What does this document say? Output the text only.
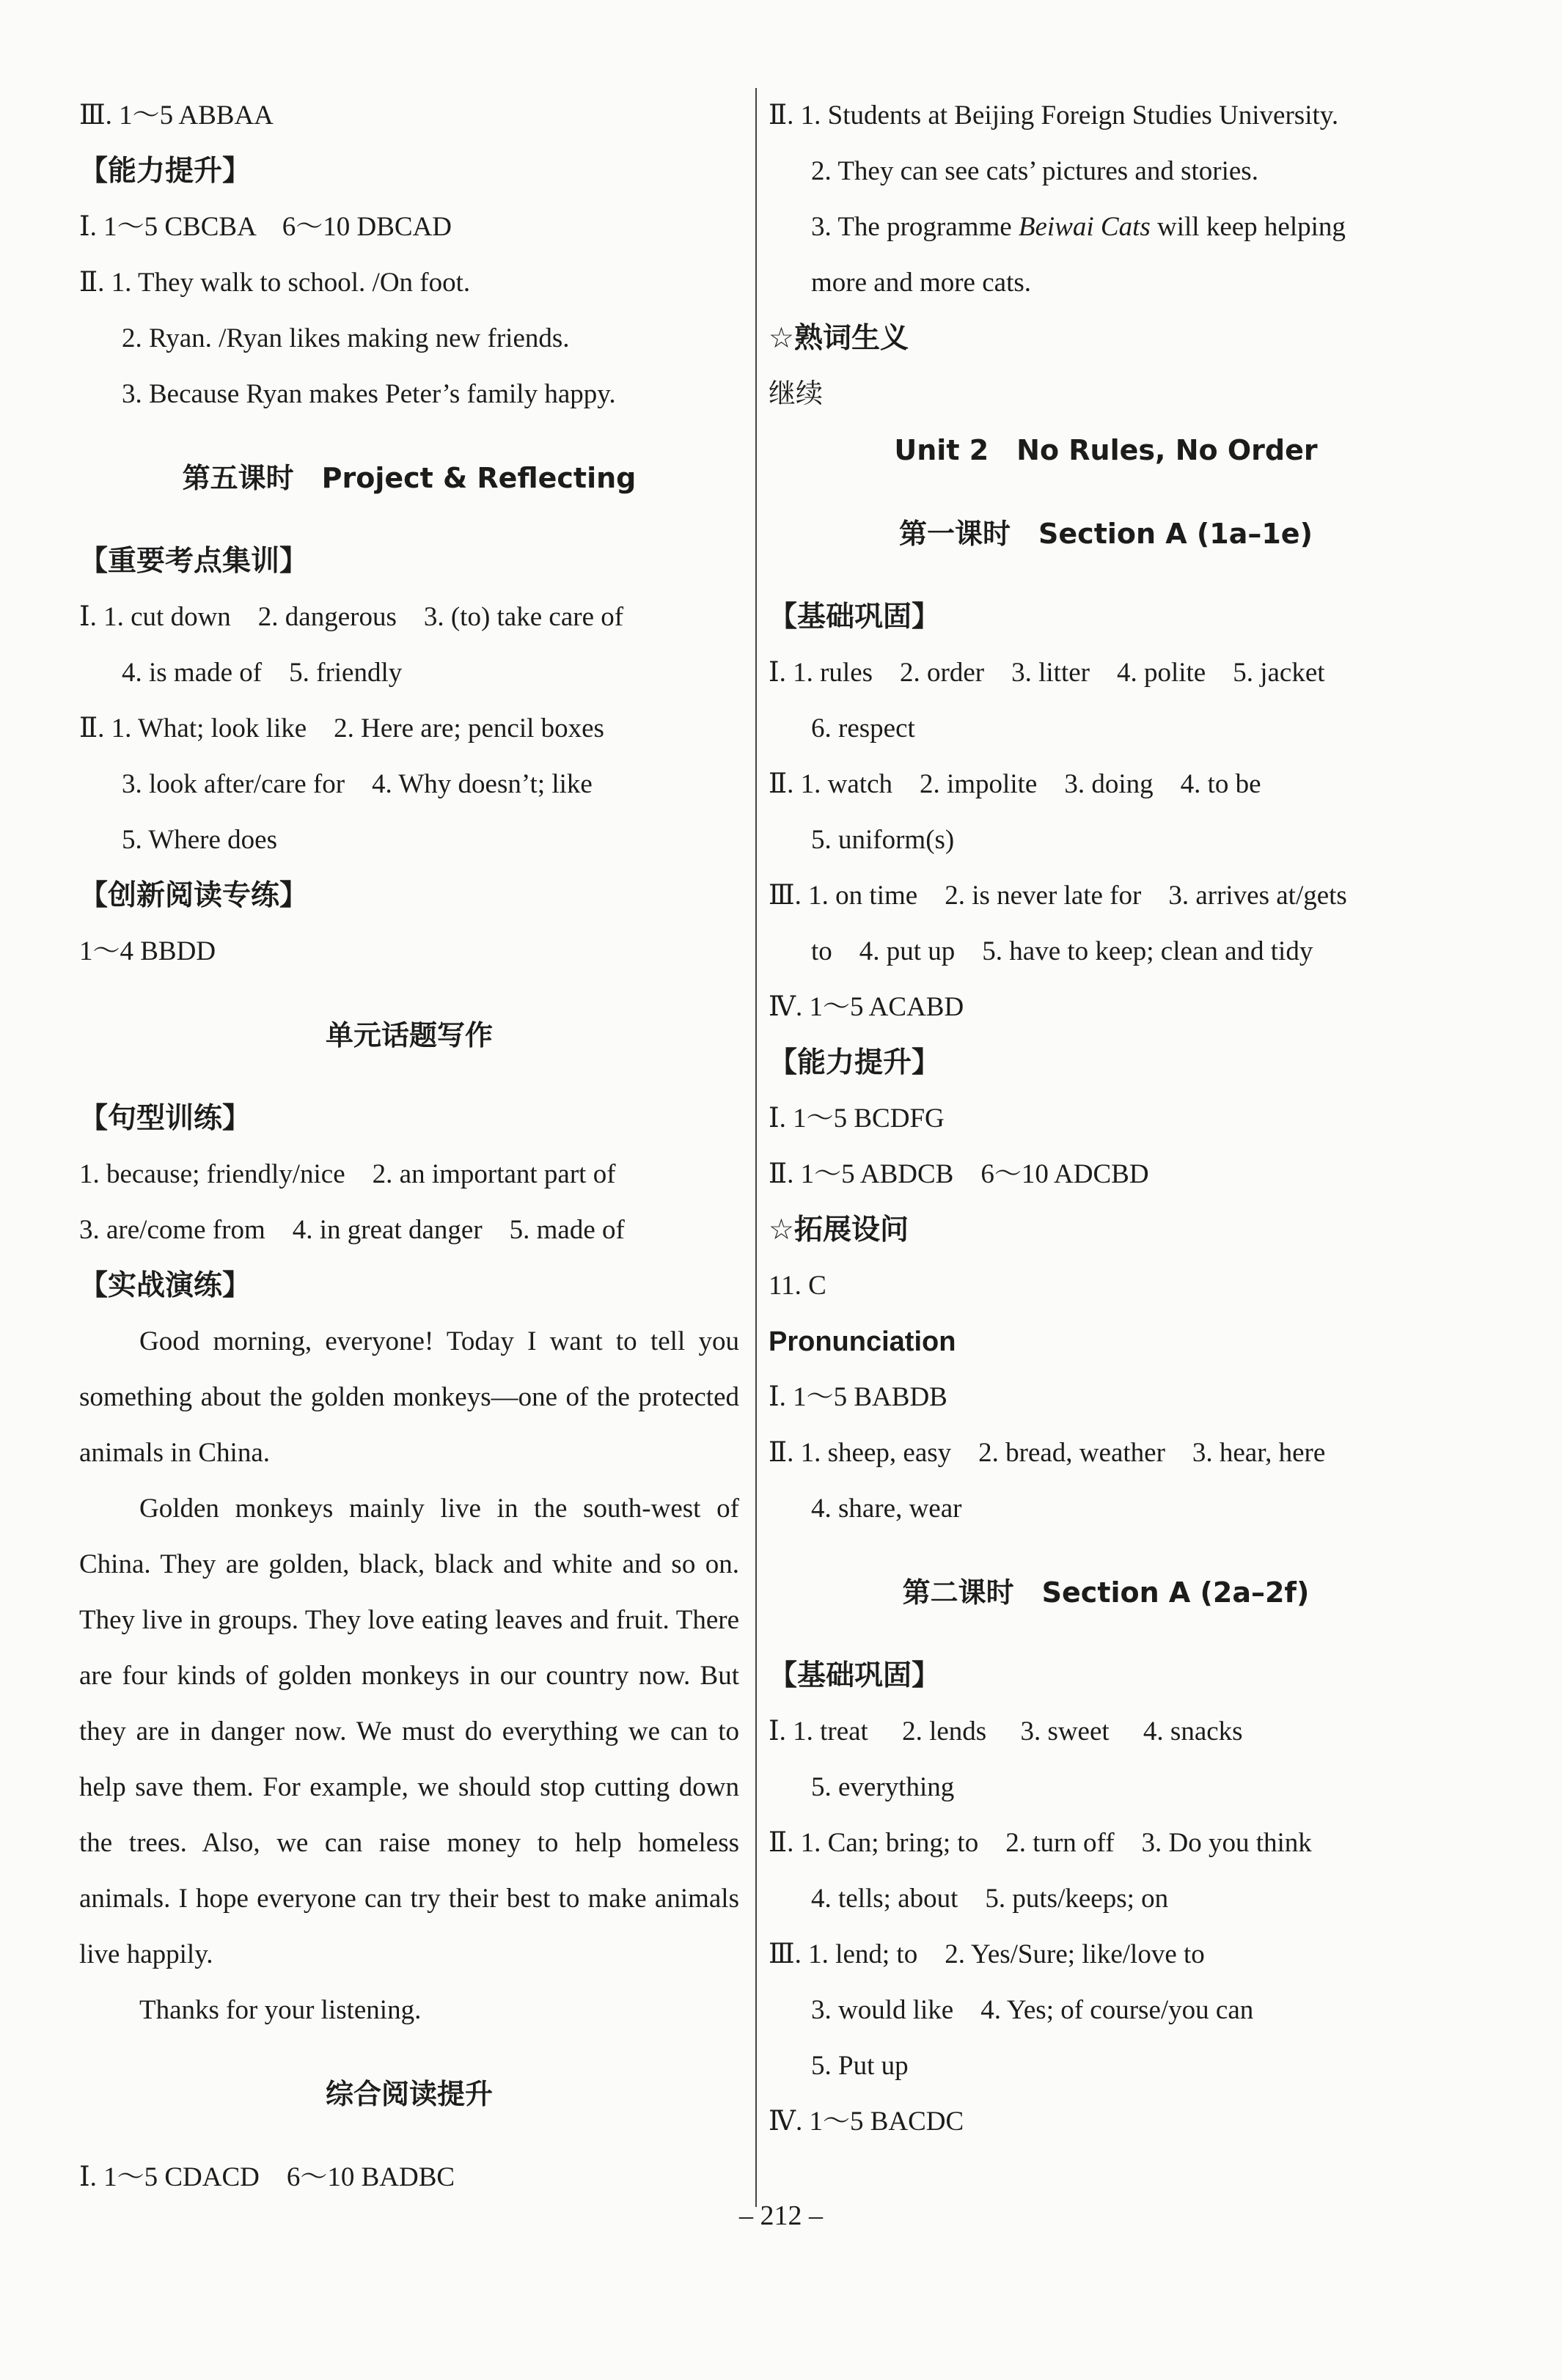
Ⅲ. 1～5 ABBAA
【能力提升】
Ⅰ. 1～5 CBCBA　6～10 DBCAD
Ⅱ. 1. They walk to school. /On foot.
2. Ryan. /Ryan likes making new friends.
3. Because Ryan makes Peter’s family happy.
第五课时　Project & Reflecting
【重要考点集训】
Ⅰ. 1. cut down　2. dangerous　3. (to) take care of
4. is made of　5. friendly
Ⅱ. 1. What; look like　2. Here are; pencil boxes
3. look after/care for　4. Why doesn’t; like
5. Where does
【创新阅读专练】
1～4 BBDD
单元话题写作
【句型训练】
1. because; friendly/nice　2. an important part of
3. are/come from　4. in great danger　5. made of
【实战演练】

Good morning, everyone! Today I want to tell you something about the golden monkeys—one of the protected animals in China.

Golden monkeys mainly live in the south-west of China. They are golden, black, black and white and so on. They live in groups. They love eating leaves and fruit. There are four kinds of golden monkeys in our country now. But they are in danger now. We must do everything we can to help save them. For example, we should stop cutting down the trees. Also, we can raise money to help homeless animals. I hope everyone can try their best to make animals live happily.

Thanks for your listening.

综合阅读提升
Ⅰ. 1～5 CDACD　6～10 BADBC
Ⅱ. 1. Students at Beijing Foreign Studies University.
2. They can see cats’ pictures and stories.
3. The programme Beiwai Cats will keep helping
more and more cats.
☆熟词生义
继续
Unit 2　No Rules, No Order
第一课时　Section A (1a–1e)
【基础巩固】
Ⅰ. 1. rules　2. order　3. litter　4. polite　5. jacket
6. respect
Ⅱ. 1. watch　2. impolite　3. doing　4. to be
5. uniform(s)
Ⅲ. 1. on time　2. is never late for　3. arrives at/gets
to　4. put up　5. have to keep; clean and tidy
Ⅳ. 1～5 ACABD
【能力提升】
Ⅰ. 1～5 BCDFG
Ⅱ. 1～5 ABDCB　6～10 ADCBD
☆拓展设问
11. C
Pronunciation
Ⅰ. 1～5 BABDB
Ⅱ. 1. sheep, easy　2. bread, weather　3. hear, here
4. share, wear
第二课时　Section A (2a–2f)
【基础巩固】
Ⅰ. 1. treat　 2. lends　 3. sweet　 4. snacks
5. everything
Ⅱ. 1. Can; bring; to　2. turn off　3. Do you think
4. tells; about　5. puts/keeps; on
Ⅲ. 1. lend; to　2. Yes/Sure; like/love to
3. would like　4. Yes; of course/you can
5. Put up
Ⅳ. 1～5 BACDC
– 212 –
